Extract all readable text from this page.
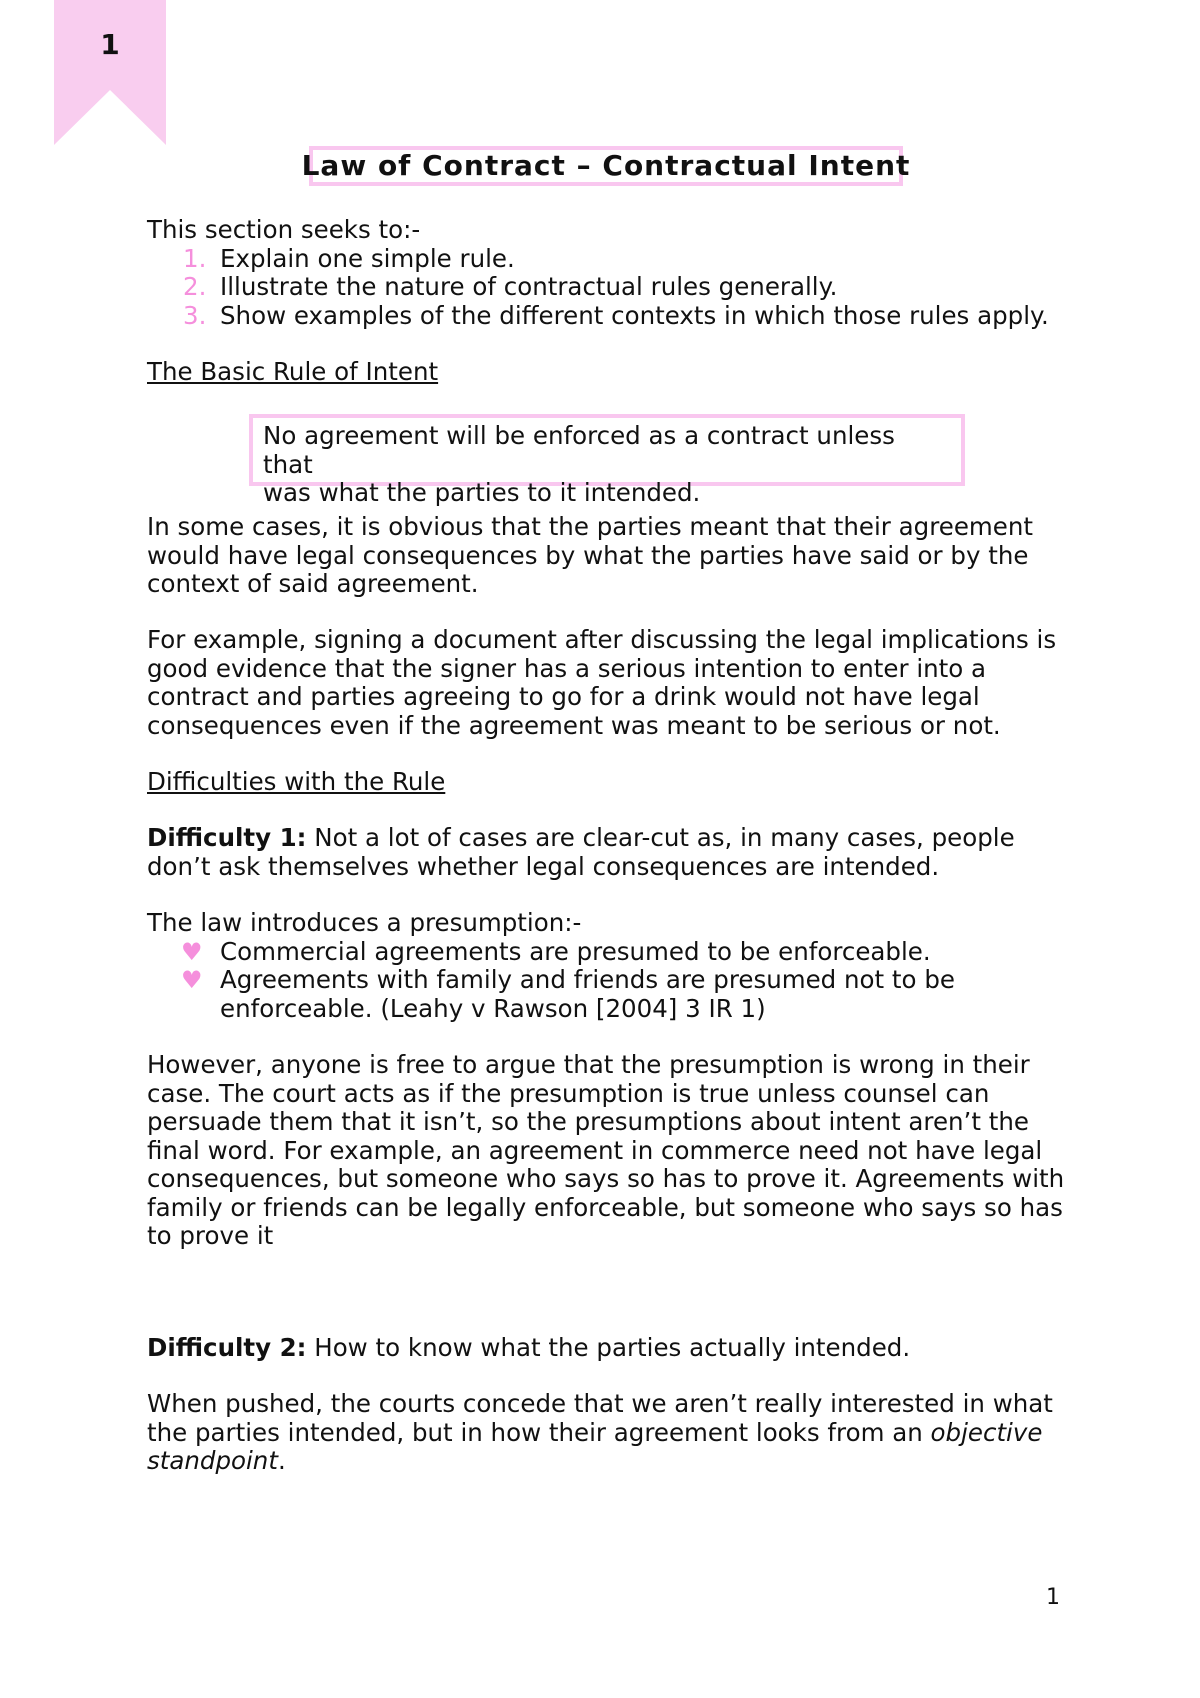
1
Law of Contract – Contractual Intent
This section seeks to:-
1. Explain one simple rule.
2. Illustrate the nature of contractual rules generally.
3. Show examples of the different contexts in which those rules apply.
The Basic Rule of Intent
No agreement will be enforced as a contract unless that
was what the parties to it intended.
In some cases, it is obvious that the parties meant that their agreement
would have legal consequences by what the parties have said or by the
context of said agreement.
For example, signing a document after discussing the legal implications is
good evidence that the signer has a serious intention to enter into a
contract and parties agreeing to go for a drink would not have legal
consequences even if the agreement was meant to be serious or not.
Difficulties with the Rule
Difficulty 1: Not a lot of cases are clear-cut as, in many cases, people
don’t ask themselves whether legal consequences are intended.
The law introduces a presumption:-
♥ Commercial agreements are presumed to be enforceable.
♥ Agreements with family and friends are presumed not to be
enforceable. (Leahy v Rawson [2004] 3 IR 1)
However, anyone is free to argue that the presumption is wrong in their
case. The court acts as if the presumption is true unless counsel can
persuade them that it isn’t, so the presumptions about intent aren’t the
final word. For example, an agreement in commerce need not have legal
consequences, but someone who says so has to prove it. Agreements with
family or friends can be legally enforceable, but someone who says so has
to prove it
Difficulty 2: How to know what the parties actually intended.
When pushed, the courts concede that we aren’t really interested in what
the parties intended, but in how their agreement looks from an objective
standpoint.
1
